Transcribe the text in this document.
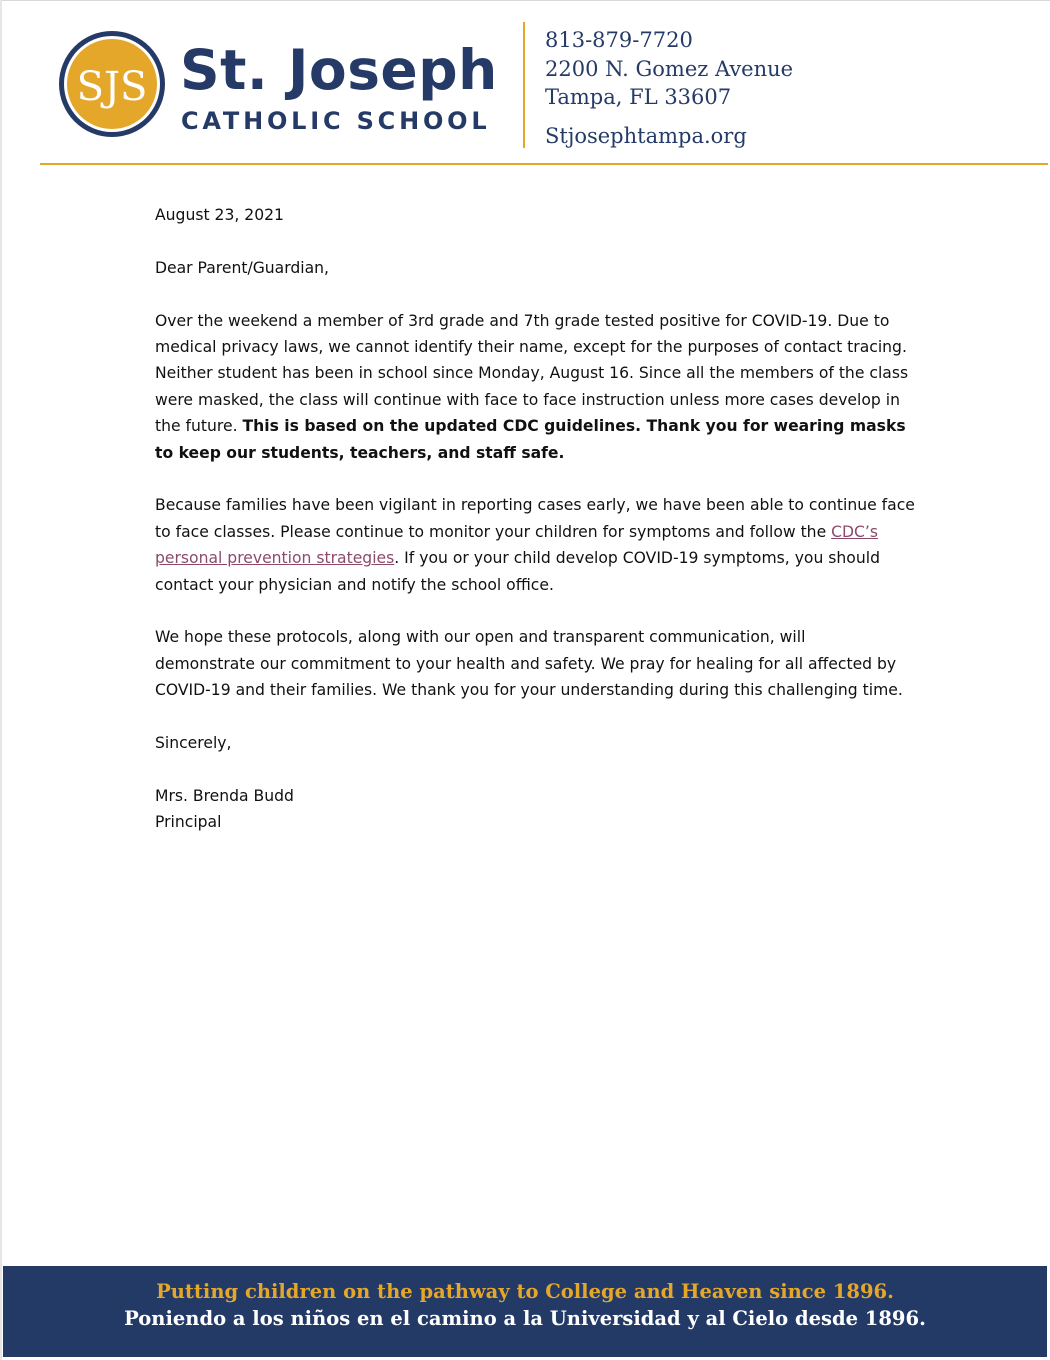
SJS St. Joseph
CATHOLIC SCHOOL
813-879-7720
2200 N. Gomez Avenue
Tampa, FL 33607
Stjosephtampa.org

August 23, 2021

Dear Parent/Guardian,

Over the weekend a member of 3rd grade and 7th grade tested positive for COVID-19. Due to medical privacy laws, we cannot identify their name, except for the purposes of contact tracing. Neither student has been in school since Monday, August 16. Since all the members of the class were masked, the class will continue with face to face instruction unless more cases develop in the future. This is based on the updated CDC guidelines. Thank you for wearing masks to keep our students, teachers, and staff safe.

Because families have been vigilant in reporting cases early, we have been able to continue face to face classes. Please continue to monitor your children for symptoms and follow the CDC’s personal prevention strategies. If you or your child develop COVID-19 symptoms, you should contact your physician and notify the school office.

We hope these protocols, along with our open and transparent communication, will
demonstrate our commitment to your health and safety. We pray for healing for all affected by
COVID-19 and their families. We thank you for your understanding during this challenging time.

Sincerely,

Mrs. Brenda Budd
Principal
Putting children on the pathway to College and Heaven since 1896.
Poniendo a los niños en el camino a la Universidad y al Cielo desde 1896.
